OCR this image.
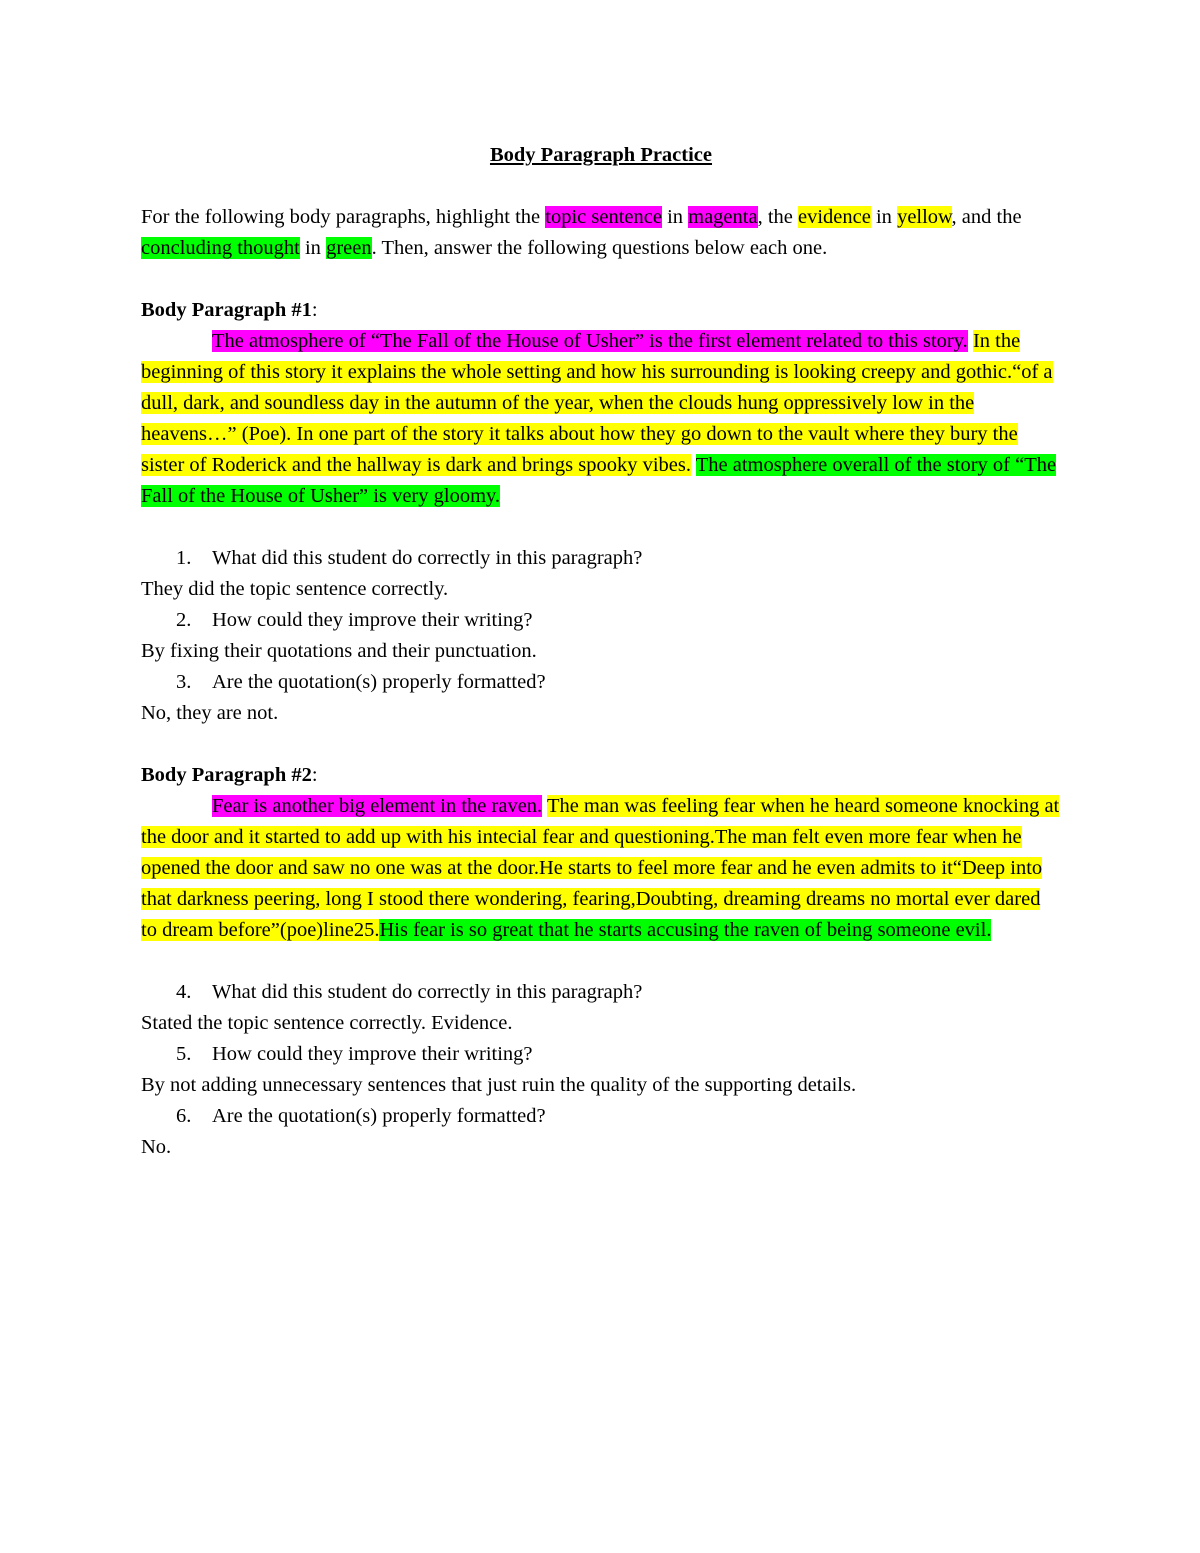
Body Paragraph Practice

For the following body paragraphs, highlight the topic sentence in magenta, the evidence in yellow, and the concluding thought in green. Then, answer the following questions below each one.

Body Paragraph #1:

The atmosphere of “The Fall of the House of Usher” is the first element related to this story. In the beginning of this story it explains the whole setting and how his surrounding is looking creepy and gothic.“of a dull, dark, and soundless day in the autumn of the year, when the clouds hung oppressively low in the heavens…” (Poe). In one part of the story it talks about how they go down to the vault where they bury the sister of Roderick and the hallway is dark and brings spooky vibes. The atmosphere overall of the story of “The Fall of the House of Usher” is very gloomy.

1.	What did this student do correctly in this paragraph?

They did the topic sentence correctly.

2.	How could they improve their writing?

By fixing their quotations and their punctuation.

3.	Are the quotation(s) properly formatted?

No, they are not.

Body Paragraph #2:

Fear is another big element in the raven. The man was feeling fear when he heard someone knocking at the door and it started to add up with his intecial fear and questioning.The man felt even more fear when he opened the door and saw no one was at the door.He starts to feel more fear and he even admits to it“Deep into that darkness peering, long I stood there wondering, fearing,Doubting, dreaming dreams no mortal ever dared to dream before”(poe)line25.His fear is so great that he starts accusing the raven of being someone evil.

4.	What did this student do correctly in this paragraph?

Stated the topic sentence correctly. Evidence.

5.	How could they improve their writing?

By not adding unnecessary sentences that just ruin the quality of the supporting details.

6.	Are the quotation(s) properly formatted?

No.
